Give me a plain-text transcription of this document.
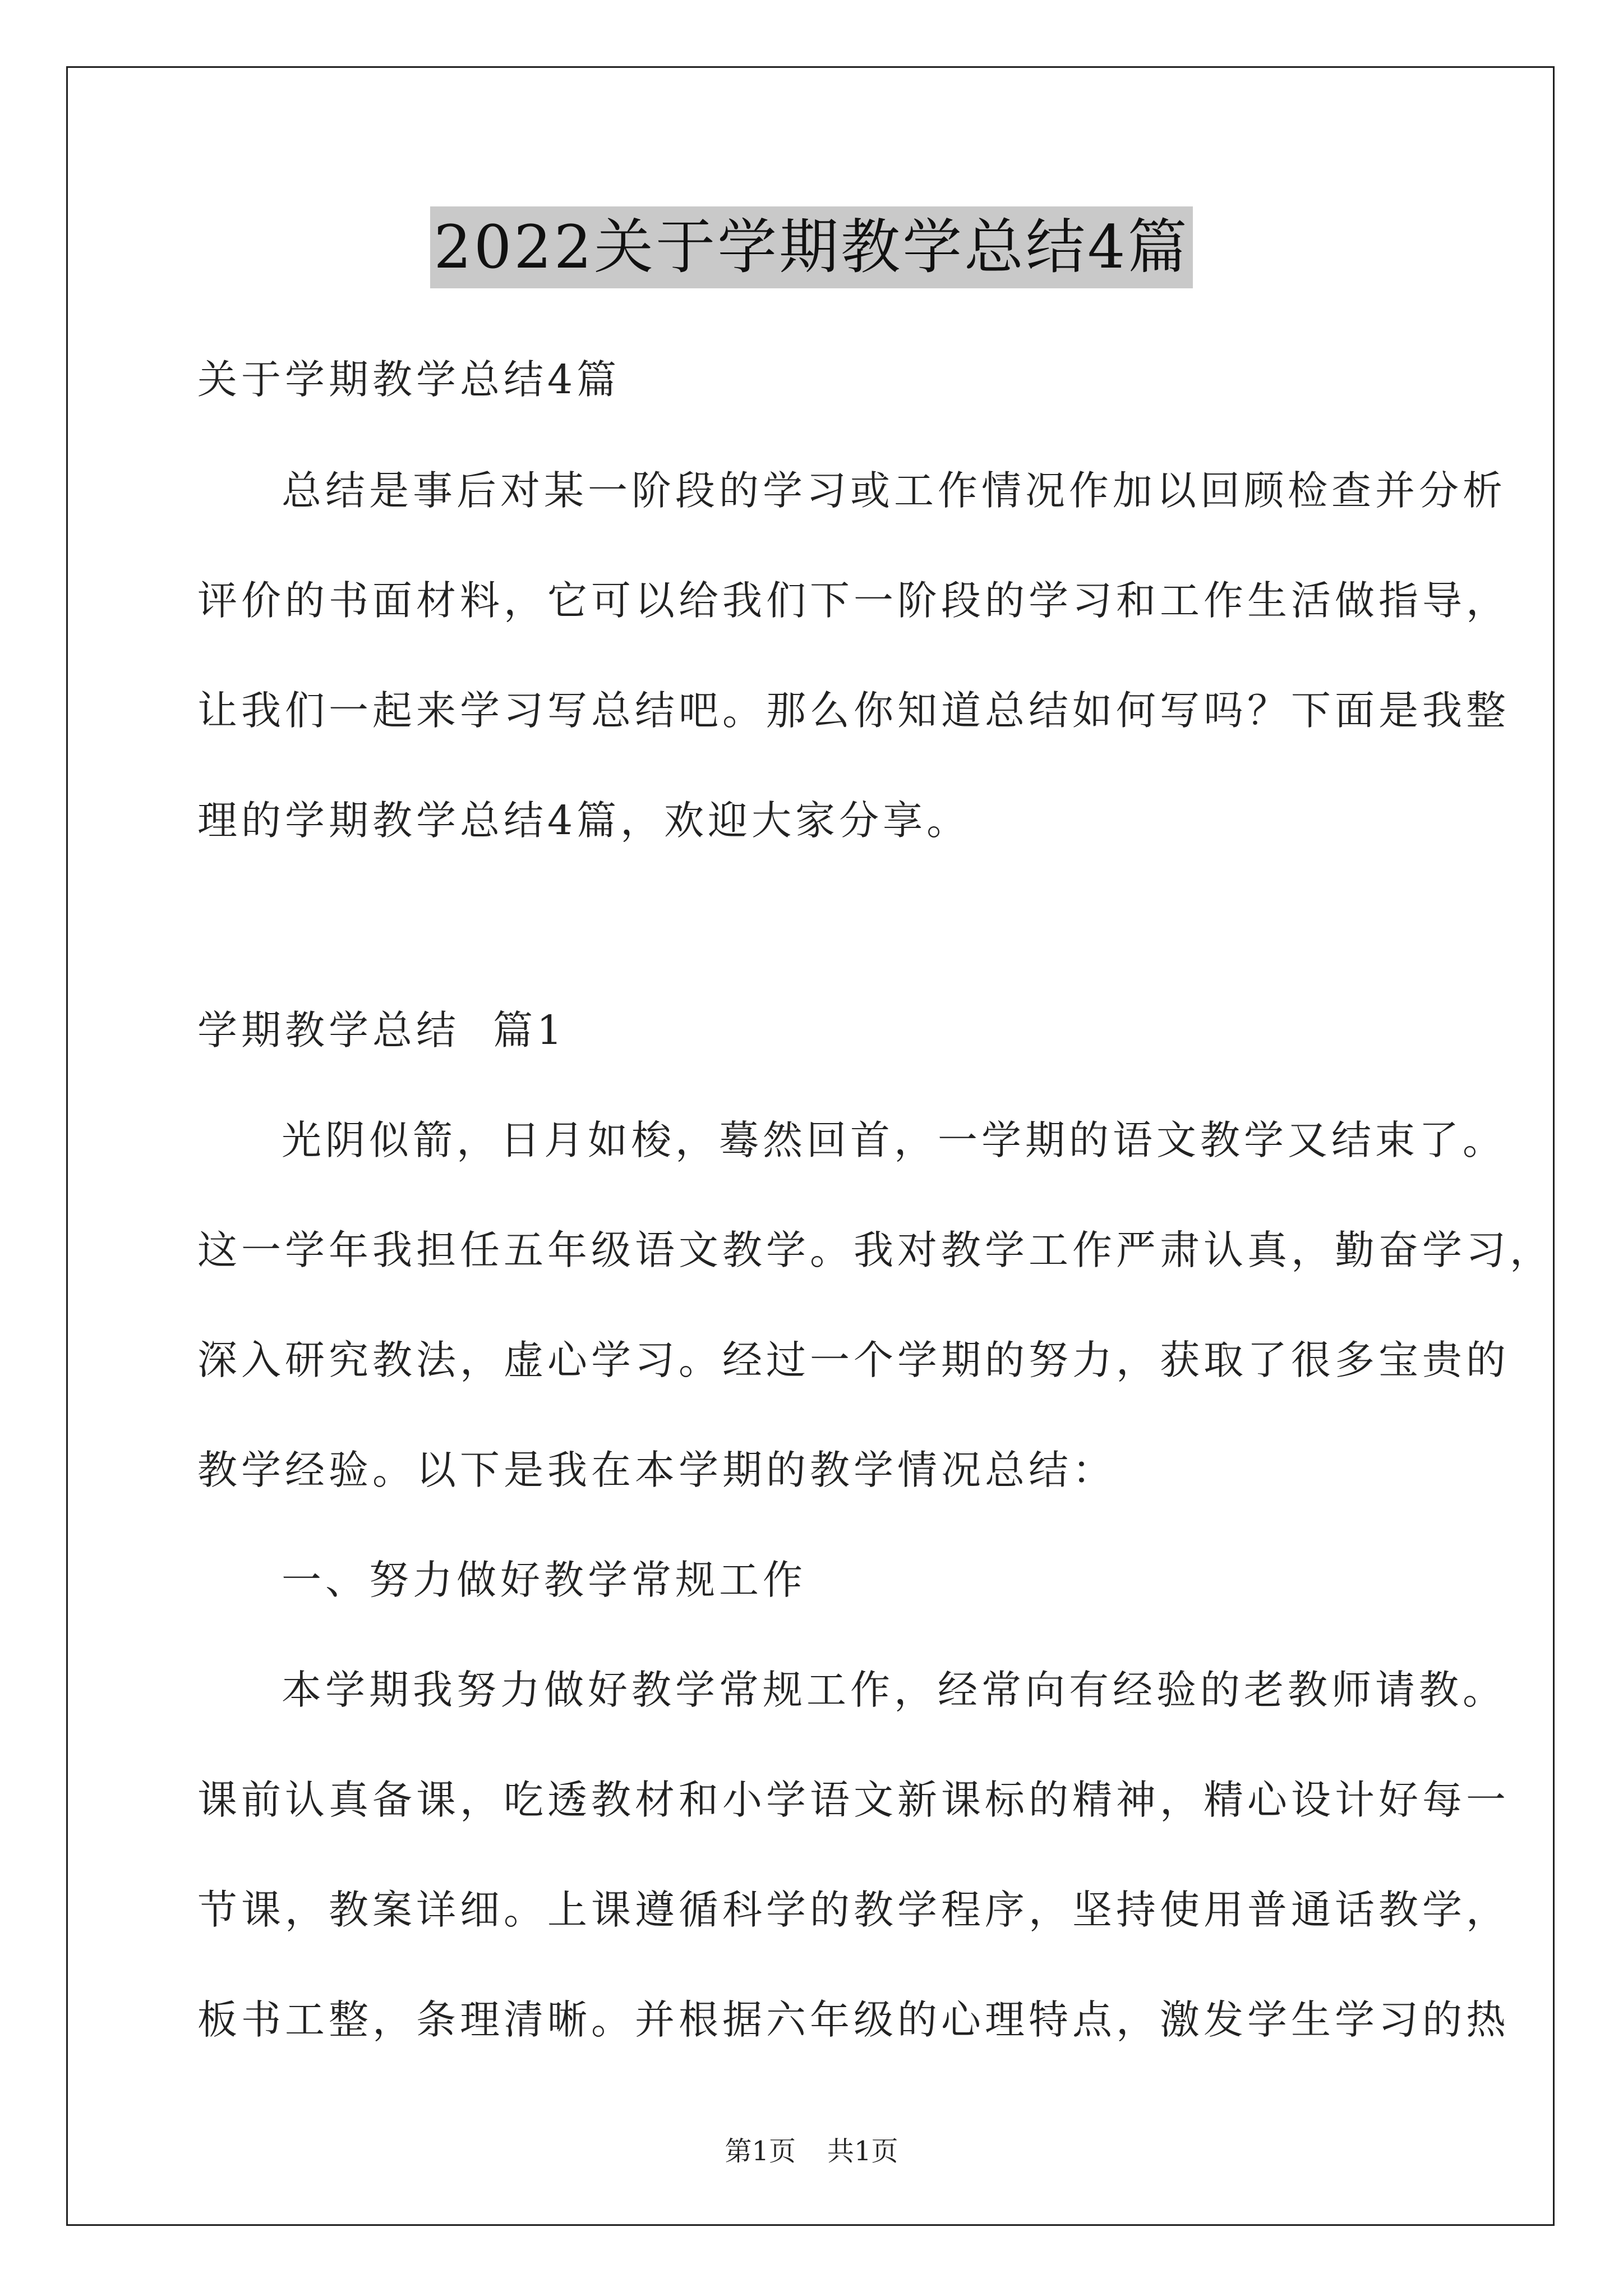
2022关于学期教学总结4篇
关于学期教学总结4篇
总结是事后对某一阶段的学习或工作情况作加以回顾检查并分析
评价的书面材料，它可以给我们下一阶段的学习和工作生活做指导，
让我们一起来学习写总结吧。那么你知道总结如何写吗？下面是我整
理的学期教学总结4篇，欢迎大家分享。
学期教学总结  篇1
光阴似箭，日月如梭，蓦然回首，一学期的语文教学又结束了。
这一学年我担任五年级语文教学。我对教学工作严肃认真，勤奋学习，
深入研究教法，虚心学习。经过一个学期的努力，获取了很多宝贵的
教学经验。以下是我在本学期的教学情况总结：
一、努力做好教学常规工作
本学期我努力做好教学常规工作，经常向有经验的老教师请教。
课前认真备课，吃透教材和小学语文新课标的精神，精心设计好每一
节课，教案详细。上课遵循科学的教学程序，坚持使用普通话教学，
板书工整，条理清晰。并根据六年级的心理特点，激发学生学习的热
第1页 共1页
